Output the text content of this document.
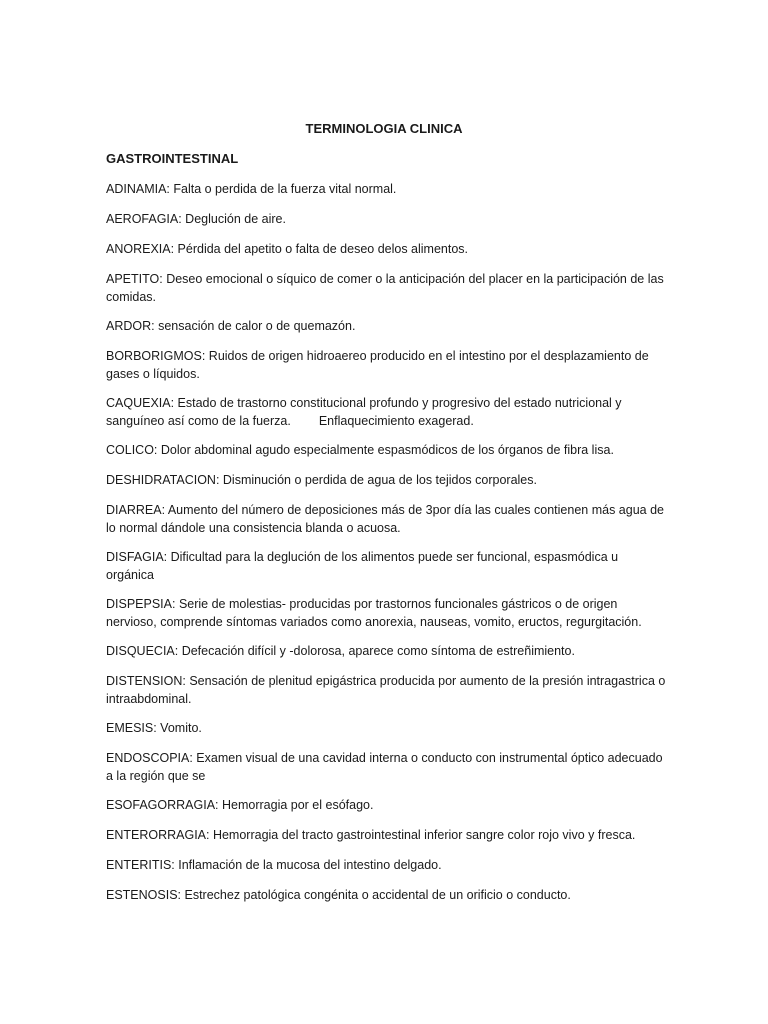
TERMINOLOGIA CLINICA
GASTROINTESTINAL

ADINAMIA: Falta o perdida de la fuerza vital normal.

AEROFAGIA: Deglución de aire.

ANOREXIA: Pérdida del apetito o falta de deseo delos alimentos.

APETITO: Deseo emocional o síquico de comer o la anticipación del placer en la participación de las comidas.

ARDOR: sensación de calor o de quemazón.

BORBORIGMOS: Ruidos de origen hidroaereo producido en el intestino por el desplazamiento de gases o líquidos.

CAQUEXIA: Estado de trastorno constitucional profundo y progresivo del estado nutricional y sanguíneo así como de la fuerza. Enflaquecimiento exagerad.

COLICO: Dolor abdominal agudo especialmente espasmódicos de los órganos de fibra lisa.

DESHIDRATACION: Disminución o perdida de agua de los tejidos corporales.

DIARREA: Aumento del número de deposiciones más de 3por día las cuales contienen más agua de lo normal dándole una consistencia blanda o acuosa.

DISFAGIA: Dificultad para la deglución de los alimentos puede ser funcional, espasmódica u orgánica

DISPEPSIA: Serie de molestias- producidas por trastornos funcionales gástricos o de origen nervioso, comprende síntomas variados como anorexia, nauseas, vomito, eructos, regurgitación.

DISQUECIA: Defecación difícil y -dolorosa, aparece como síntoma de estreñimiento.

DISTENSION: Sensación de plenitud epigástrica producida por aumento de la presión intragastrica o intraabdominal.

EMESIS: Vomito.

ENDOSCOPIA: Examen visual de una cavidad interna o conducto con instrumental óptico adecuado a la región que se

ESOFAGORRAGIA: Hemorragia por el esófago.

ENTERORRAGIA: Hemorragia del tracto gastrointestinal inferior sangre color rojo vivo y fresca.

ENTERITIS: Inflamación de la mucosa del intestino delgado.

ESTENOSIS: Estrechez patológica congénita o accidental de un orificio o conducto.
